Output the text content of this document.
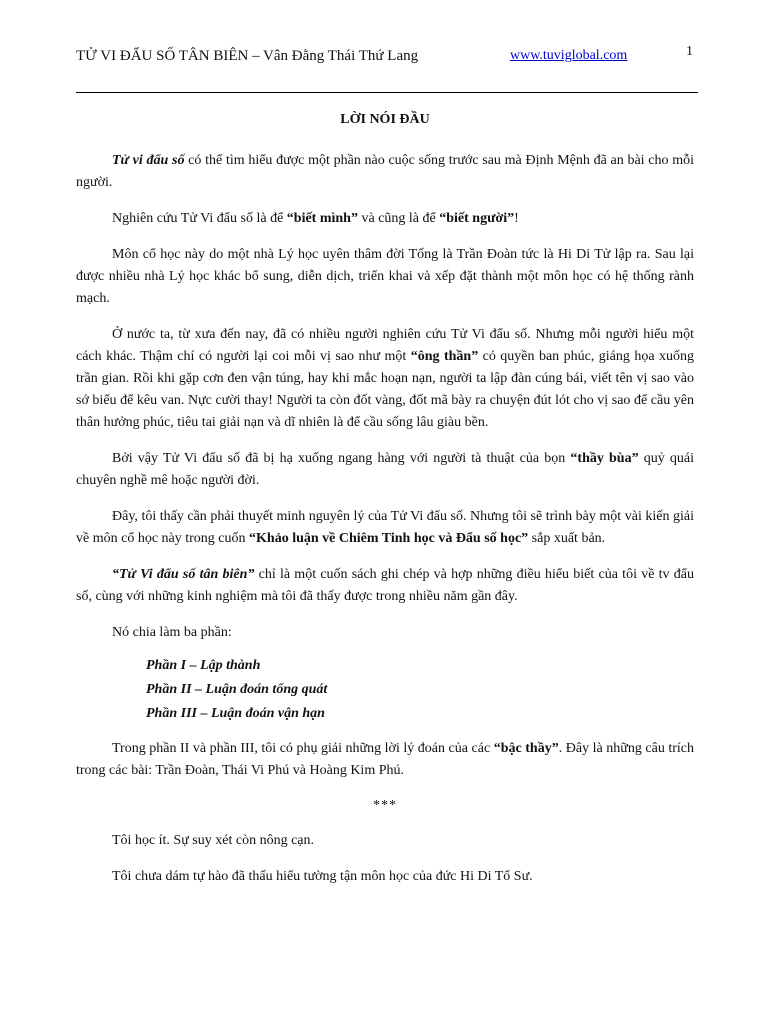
TỬ VI ĐẨU SỐ TÂN BIÊN – Vân Đằng Thái Thứ Lang	www.tuviglobal.com	1
LỜI NÓI ĐẦU

Tử vi đẩu số có thể tìm hiểu được một phần nào cuộc sống trước sau mà Định Mệnh đã an bài cho mỗi người.

Nghiên cứu Tử Vi đẩu số là để “biết mình” và cũng là để “biết người”!

Môn cổ học này do một nhà Lý học uyên thâm đời Tống là Trần Đoàn tức là Hi Di Tử lập ra. Sau lại được nhiều nhà Lý học khác bổ sung, diễn dịch, triển khai và xếp đặt thành một môn học có hệ thống rành mạch.

Ở nước ta, từ xưa đến nay, đã có nhiều người nghiên cứu Tử Vi đẩu số. Nhưng mỗi người hiểu một cách khác. Thậm chí có người lại coi mỗi vị sao như một “ông thần” có quyền ban phúc, giáng họa xuống trần gian. Rồi khi gặp cơn đen vận túng, hay khi mắc hoạn nạn, người ta lập đàn cúng bái, viết tên vị sao vào sớ biểu để kêu van. Nực cười thay! Người ta còn đốt vàng, đốt mã bày ra chuyện đút lót cho vị sao để cầu yên thân hưởng phúc, tiêu tai giải nạn và dĩ nhiên là để cầu sống lâu giàu bền.

Bởi vậy Tử Vi đẩu số đã bị hạ xuống ngang hàng với người tà thuật của bọn “thầy bùa” quỷ quái chuyên nghề mê hoặc người đời.

Đây, tôi thấy cần phải thuyết minh nguyên lý của Tử Vi đẩu số. Nhưng tôi sẽ trình bày một vài kiến giải về môn cổ học này trong cuốn “Khảo luận về Chiêm Tinh học và Đẩu số học” sắp xuất bản.

“Tử Vi đẩu số tân biên” chỉ là một cuốn sách ghi chép và hợp những điều hiểu biết của tôi về tv đẩu số, cùng với những kinh nghiệm mà tôi đã thấy được trong nhiều năm gần đây.

Nó chia làm ba phần:

Phần I – Lập thành
Phần II – Luận đoán tổng quát
Phần III – Luận đoán vận hạn

Trong phần II và phần III, tôi có phụ giải những lời lý đoán của các “bậc thầy”. Đây là những câu trích trong các bài: Trần Đoàn, Thái Vi Phú và Hoàng Kim Phú.

***

Tôi học ít. Sự suy xét còn nông cạn.

Tôi chưa dám tự hào đã thấu hiểu tường tận môn học của đức Hi Di Tổ Sư.
